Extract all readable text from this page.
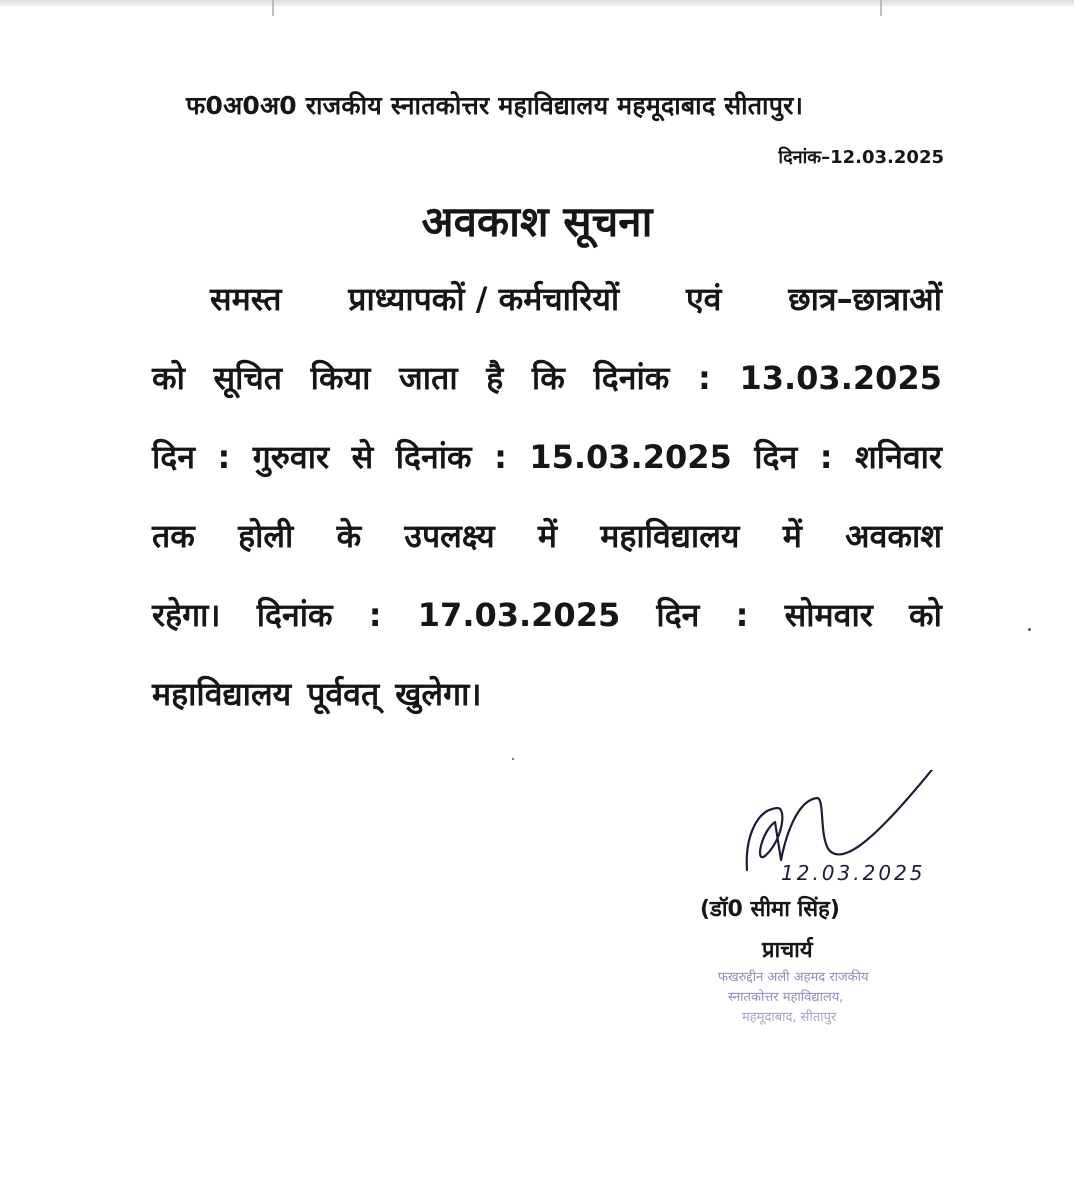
फ0अ0अ0 राजकीय स्नातकोत्तर महाविद्यालय महमूदाबाद सीतापुर।
दिनांक–12.03.2025
अवकाश सूचना
समस्त प्राध्यापकों / कर्मचारियों एवं छात्र–छात्राओं
को सूचित किया जाता है कि दिनांक : 13.03.2025
दिन : गुरुवार से दिनांक : 15.03.2025 दिन : शनिवार
तक होली के उपलक्ष्य में महाविद्यालय में अवकाश
रहेगा। दिनांक : 17.03.2025 दिन : सोमवार को
महाविद्यालय पूर्ववत् खुलेगा।
12.03.2025
(डॉ0 सीमा सिंह)
प्राचार्य
फखरुद्दीन अली अहमद राजकीय
स्नातकोत्तर महाविद्यालय,
महमूदाबाद, सीतापुर
